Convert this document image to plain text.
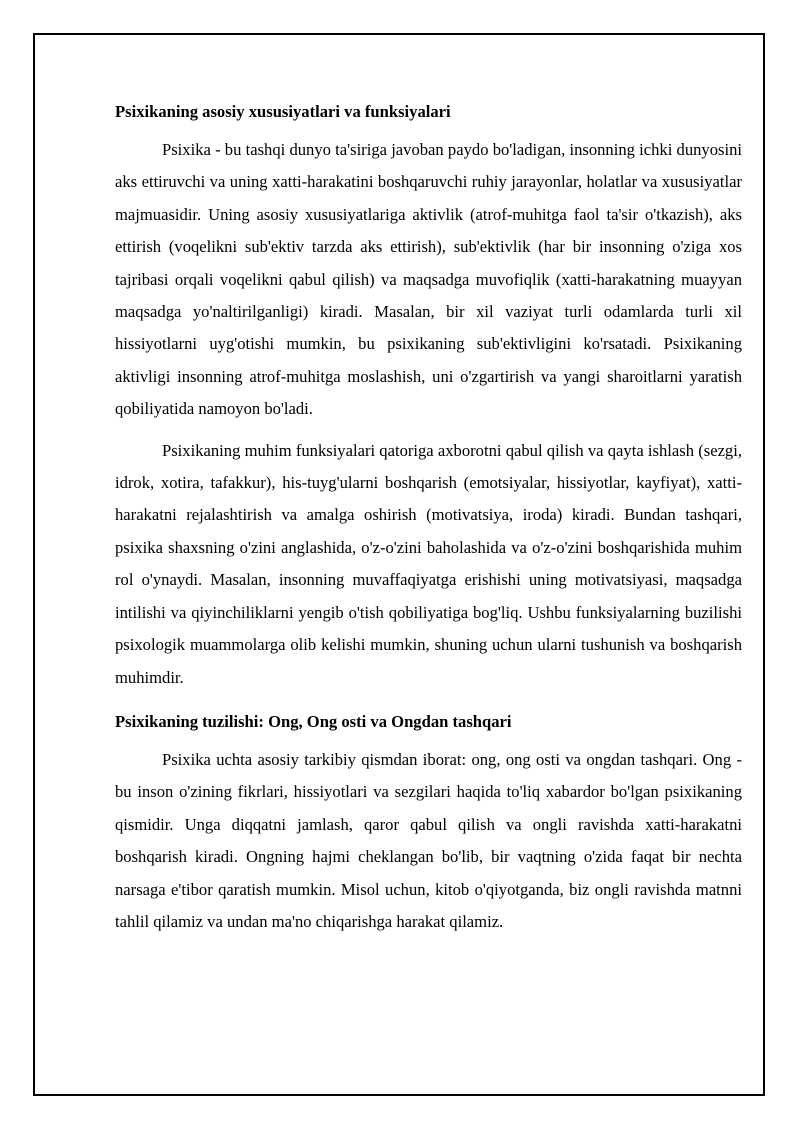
Psixikaning asosiy xususiyatlari va funksiyalari

Psixika - bu tashqi dunyo ta'siriga javoban paydo bo'ladigan, insonning ichki dunyosini aks ettiruvchi va uning xatti-harakatini boshqaruvchi ruhiy jarayonlar, holatlar va xususiyatlar majmuasidir. Uning asosiy xususiyatlariga aktivlik (atrof-muhitga faol ta'sir o'tkazish), aks ettirish (voqelikni sub'ektiv tarzda aks ettirish), sub'ektivlik (har bir insonning o'ziga xos tajribasi orqali voqelikni qabul qilish) va maqsadga muvofiqlik (xatti-harakatning muayyan maqsadga yo'naltirilganligi) kiradi. Masalan, bir xil vaziyat turli odamlarda turli xil hissiyotlarni uyg'otishi mumkin, bu psixikaning sub'ektivligini ko'rsatadi. Psixikaning aktivligi insonning atrof-muhitga moslashish, uni o'zgartirish va yangi sharoitlarni yaratish qobiliyatida namoyon bo'ladi.

Psixikaning muhim funksiyalari qatoriga axborotni qabul qilish va qayta ishlash (sezgi, idrok, xotira, tafakkur), his-tuyg'ularni boshqarish (emotsiyalar, hissiyotlar, kayfiyat), xatti-harakatni rejalashtirish va amalga oshirish (motivatsiya, iroda) kiradi. Bundan tashqari, psixika shaxsning o'zini anglashida, o'z-o'zini baholashida va o'z-o'zini boshqarishida muhim rol o'ynaydi. Masalan, insonning muvaffaqiyatga erishishi uning motivatsiyasi, maqsadga intilishi va qiyinchiliklarni yengib o'tish qobiliyatiga bog'liq. Ushbu funksiyalarning buzilishi psixologik muammolarga olib kelishi mumkin, shuning uchun ularni tushunish va boshqarish muhimdir.

Psixikaning tuzilishi: Ong, Ong osti va Ongdan tashqari

Psixika uchta asosiy tarkibiy qismdan iborat: ong, ong osti va ongdan tashqari. Ong - bu inson o'zining fikrlari, hissiyotlari va sezgilari haqida to'liq xabardor bo'lgan psixikaning qismidir. Unga diqqatni jamlash, qaror qabul qilish va ongli ravishda xatti-harakatni boshqarish kiradi. Ongning hajmi cheklangan bo'lib, bir vaqtning o'zida faqat bir nechta narsaga e'tibor qaratish mumkin. Misol uchun, kitob o'qiyotganda, biz ongli ravishda matnni tahlil qilamiz va undan ma'no chiqarishga harakat qilamiz.
